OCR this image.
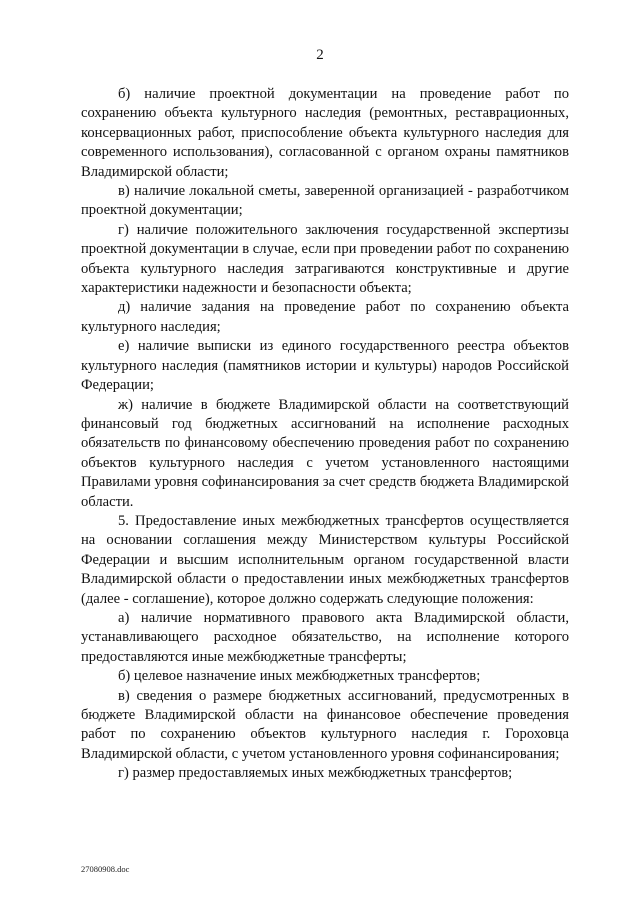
2

б) наличие проектной документации на проведение работ по сохранению объекта культурного наследия (ремонтных, реставрационных, консервационных работ, приспособление объекта культурного наследия для современного использования), согласованной с органом охраны памятников Владимирской области;

в) наличие локальной сметы, заверенной организацией - разработчиком проектной документации;

г) наличие положительного заключения государственной экспертизы проектной документации в случае, если при проведении работ по сохранению объекта культурного наследия затрагиваются конструктивные и другие характеристики надежности и безопасности объекта;

д) наличие задания на проведение работ по сохранению объекта культурного наследия;

е) наличие выписки из единого государственного реестра объектов культурного наследия (памятников истории и культуры) народов Российской Федерации;

ж) наличие в бюджете Владимирской области на соответствующий финансовый год бюджетных ассигнований на исполнение расходных обязательств по финансовому обеспечению проведения работ по сохранению объектов культурного наследия с учетом установленного настоящими Правилами уровня софинансирования за счет средств бюджета Владимирской области.

5. Предоставление иных межбюджетных трансфертов осуществляется на основании соглашения между Министерством культуры Российской Федерации и высшим исполнительным органом государственной власти Владимирской области о предоставлении иных межбюджетных трансфертов (далее - соглашение), которое должно содержать следующие положения:

а) наличие нормативного правового акта Владимирской области, устанавливающего расходное обязательство, на исполнение которого предоставляются иные межбюджетные трансферты;

б) целевое назначение иных межбюджетных трансфертов;

в) сведения о размере бюджетных ассигнований, предусмотренных в бюджете Владимирской области на финансовое обеспечение проведения работ по сохранению объектов культурного наследия г. Гороховца Владимирской области, с учетом установленного уровня софинансирования;

г) размер предоставляемых иных межбюджетных трансфертов;

27080908.doc
